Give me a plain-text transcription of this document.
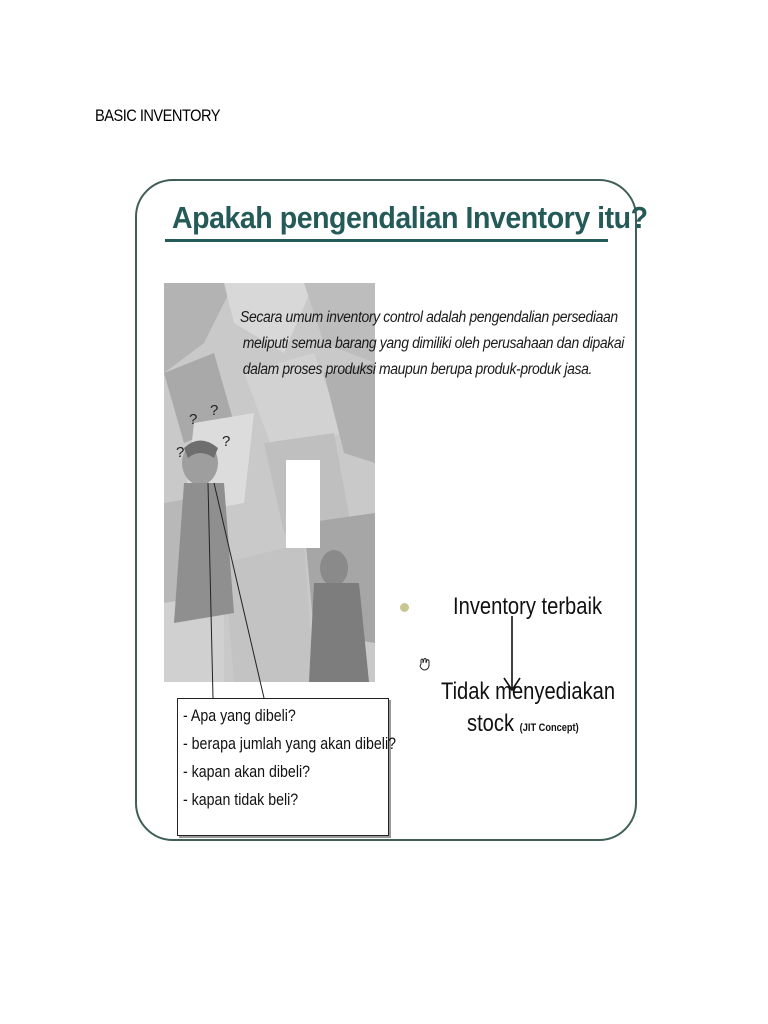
BASIC INVENTORY
Apakah pengendalian Inventory itu?
?
?
?
?
Secara umum inventory control adalah pengendalian persediaan
meliputi semua barang yang dimiliki oleh perusahaan dan dipakai
dalam proses produksi maupun berupa produk-produk jasa.
- Apa yang dibeli?
- berapa jumlah yang akan dibeli?
- kapan akan dibeli?
- kapan tidak beli?
Inventory terbaik
Tidak menyediakan
stock (JIT Concept)
